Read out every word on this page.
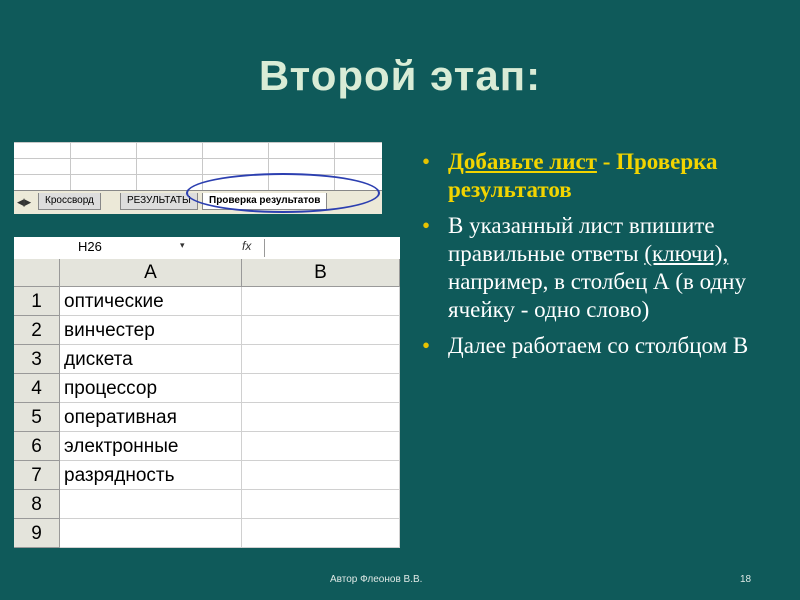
Второй этап:
◀|▶	Кроссворд	РЕЗУЛЬТАТЫ	Проверка результатов
H26	▾	fx
A	B
1	оптические
2	винчестер
3	дискета
4	процессор
5	оперативная
6	электронные
7	разрядность
8
9
• Добавьте лист - Проверка результатов
• В указанный лист впишите правильные ответы (ключи), например, в столбец А (в одну ячейку - одно слово)
• Далее работаем со столбцом В
Автор Флеонов В.В.	18
